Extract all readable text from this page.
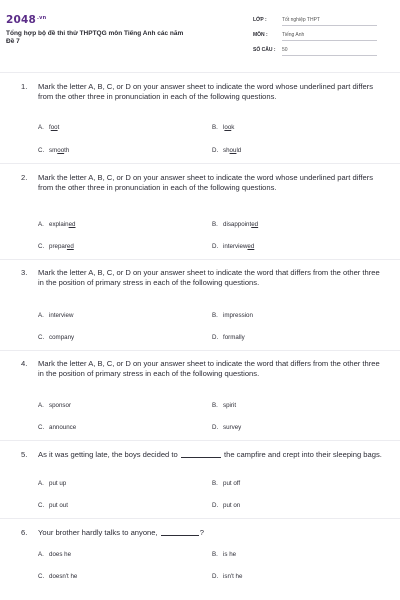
$2048^{.vn}$
Tổng hợp bộ đề thi thử THPTQG môn Tiếng Anh các năm
Đề 7
LỚP :	Tốt nghiệp THPT
MÔN :	Tiếng Anh
SỐ CÂU : 50
1. Mark the letter A, B, C, or D on your answer sheet to indicate the word whose underlined part differs from the other three in pronunciation in each of the following questions.
A. foot	B. look
C. smooth	D. should
2. Mark the letter A, B, C, or D on your answer sheet to indicate the word whose underlined part differs from the other three in pronunciation in each of the following questions.
A. explained	B. disappointed
C. prepared	D. interviewed
3. Mark the letter A, B, C, or D on your answer sheet to indicate the word that differs from the other three in the position of primary stress in each of the following questions.
A. interview	B. impression
C. company	D. formally
4. Mark the letter A, B, C, or D on your answer sheet to indicate the word that differs from the other three in the position of primary stress in each of the following questions.
A. sponsor	B. spirit
C. announce	D. survey
5. As it was getting late, the boys decided to	the campfire and crept into their sleeping bags.
A. put up	B. put off
C. put out	D. put on
6. Your brother hardly talks to anyone,	?
A. does he	B. is he
C. doesn't he	D. isn't he
